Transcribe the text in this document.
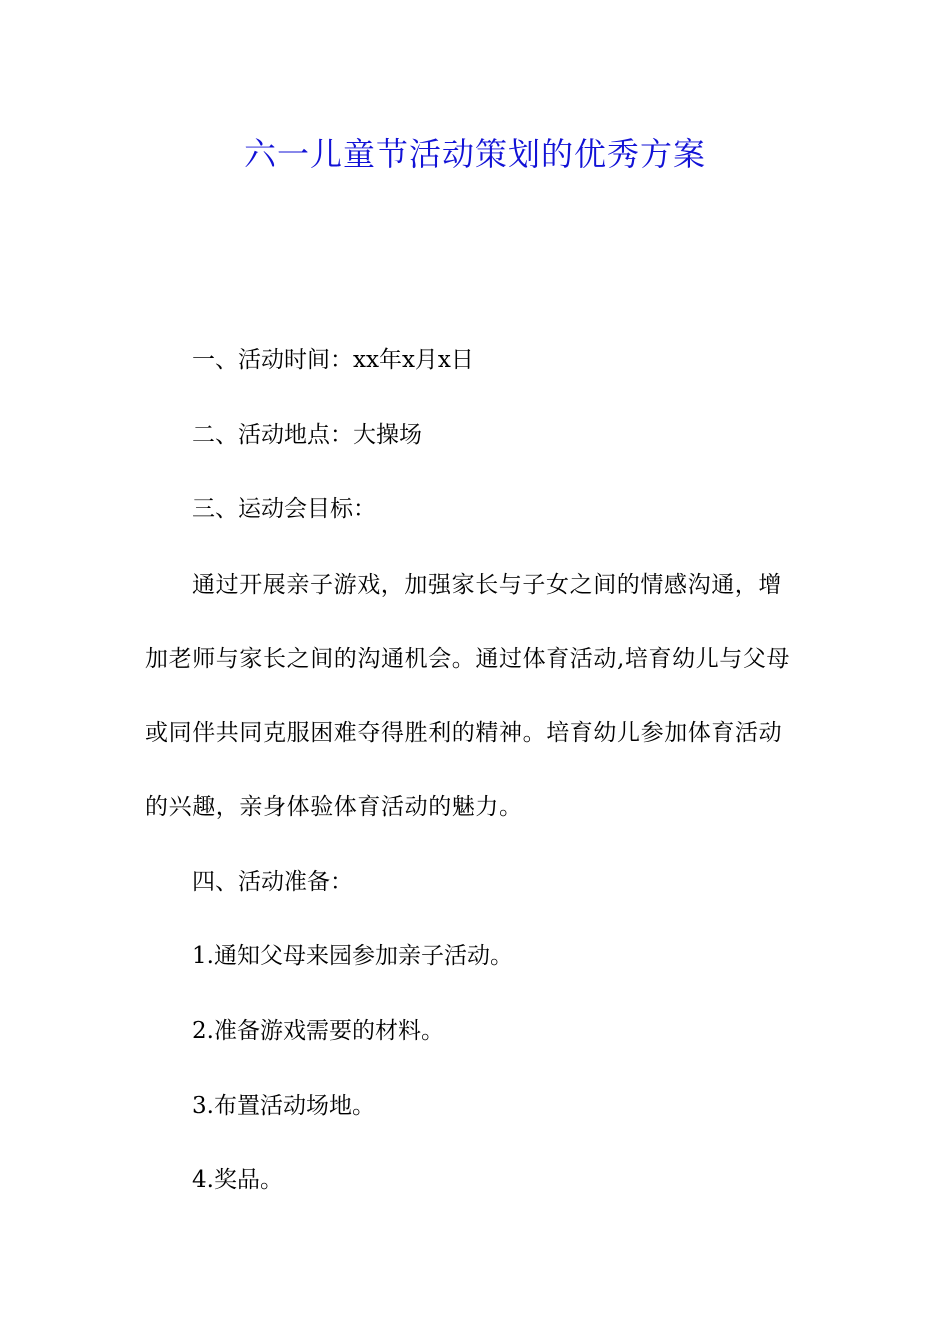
六一儿童节活动策划的优秀方案

一、活动时间：xx年x月x日

二、活动地点：大操场

三、运动会目标：

通过开展亲子游戏，加强家长与子女之间的情感沟通，增
加老师与家长之间的沟通机会。通过体育活动,培育幼儿与父母
或同伴共同克服困难夺得胜利的精神。培育幼儿参加体育活动
的兴趣，亲身体验体育活动的魅力。

四、活动准备：

1.通知父母来园参加亲子活动。

2.准备游戏需要的材料。

3.布置活动场地。

4.奖品。
